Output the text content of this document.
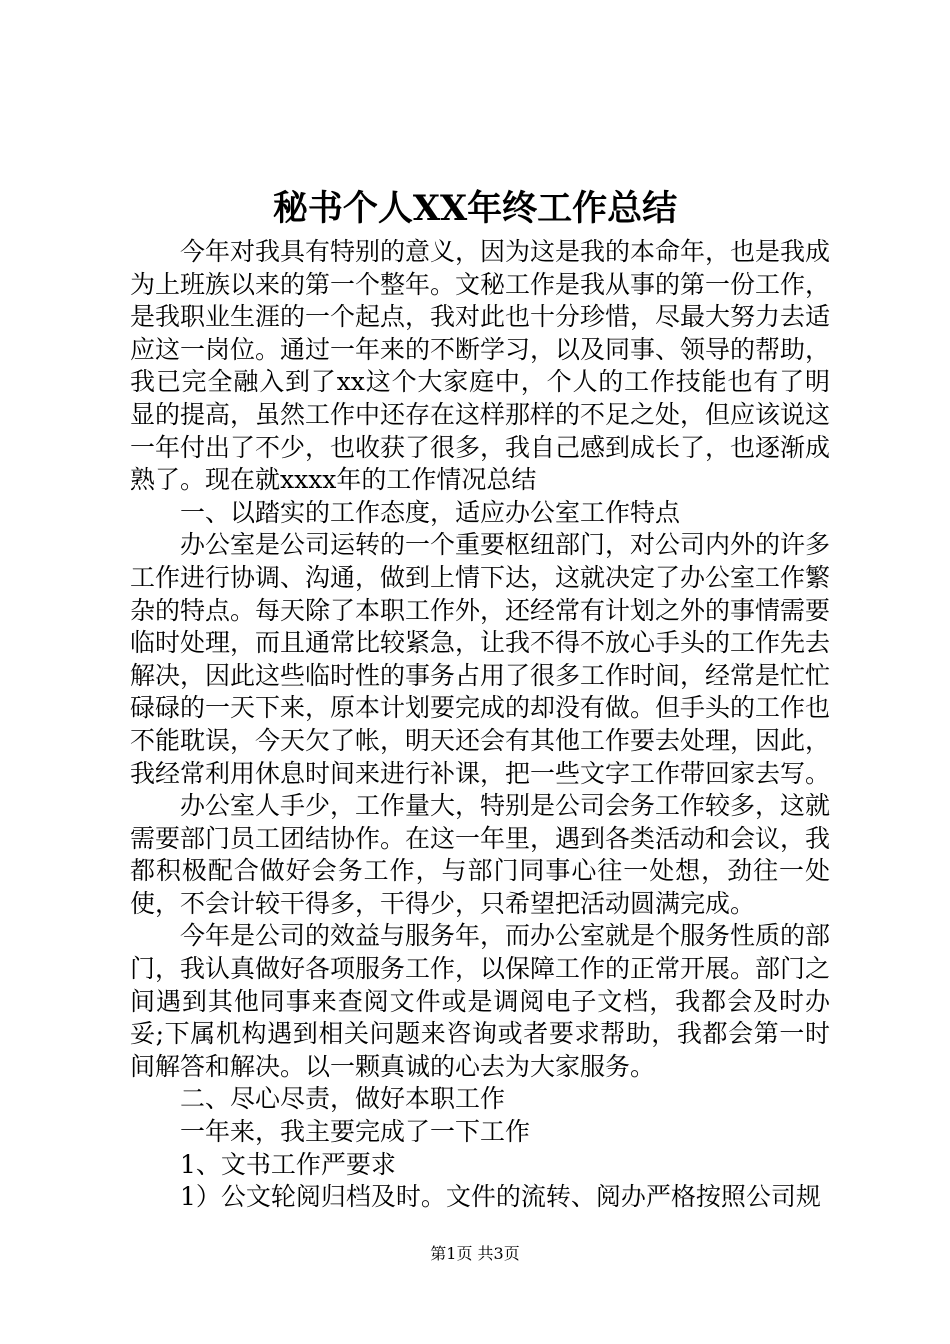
秘书个人XX年终工作总结

今年对我具有特别的意义，因为这是我的本命年，也是我成为上班族以来的第一个整年。文秘工作是我从事的第一份工作，是我职业生涯的一个起点，我对此也十分珍惜，尽最大努力去适应这一岗位。通过一年来的不断学习，以及同事、领导的帮助，我已完全融入到了xx这个大家庭中，个人的工作技能也有了明显的提高，虽然工作中还存在这样那样的不足之处，但应该说这一年付出了不少，也收获了很多，我自己感到成长了，也逐渐成熟了。现在就xxxx年的工作情况总结

一、以踏实的工作态度，适应办公室工作特点

办公室是公司运转的一个重要枢纽部门，对公司内外的许多工作进行协调、沟通，做到上情下达，这就决定了办公室工作繁杂的特点。每天除了本职工作外，还经常有计划之外的事情需要临时处理，而且通常比较紧急，让我不得不放心手头的工作先去解决，因此这些临时性的事务占用了很多工作时间，经常是忙忙碌碌的一天下来，原本计划要完成的却没有做。但手头的工作也不能耽误，今天欠了帐，明天还会有其他工作要去处理，因此，我经常利用休息时间来进行补课，把一些文字工作带回家去写。

办公室人手少，工作量大，特别是公司会务工作较多，这就需要部门员工团结协作。在这一年里，遇到各类活动和会议，我都积极配合做好会务工作，与部门同事心往一处想，劲往一处使，不会计较干得多，干得少，只希望把活动圆满完成。

今年是公司的效益与服务年，而办公室就是个服务性质的部门，我认真做好各项服务工作，以保障工作的正常开展。部门之间遇到其他同事来查阅文件或是调阅电子文档，我都会及时办妥;下属机构遇到相关问题来咨询或者要求帮助，我都会第一时间解答和解决。以一颗真诚的心去为大家服务。

二、尽心尽责，做好本职工作

一年来，我主要完成了一下工作

1、文书工作严要求

1）公文轮阅归档及时。文件的流转、阅办严格按照公司规

第1页 共3页
